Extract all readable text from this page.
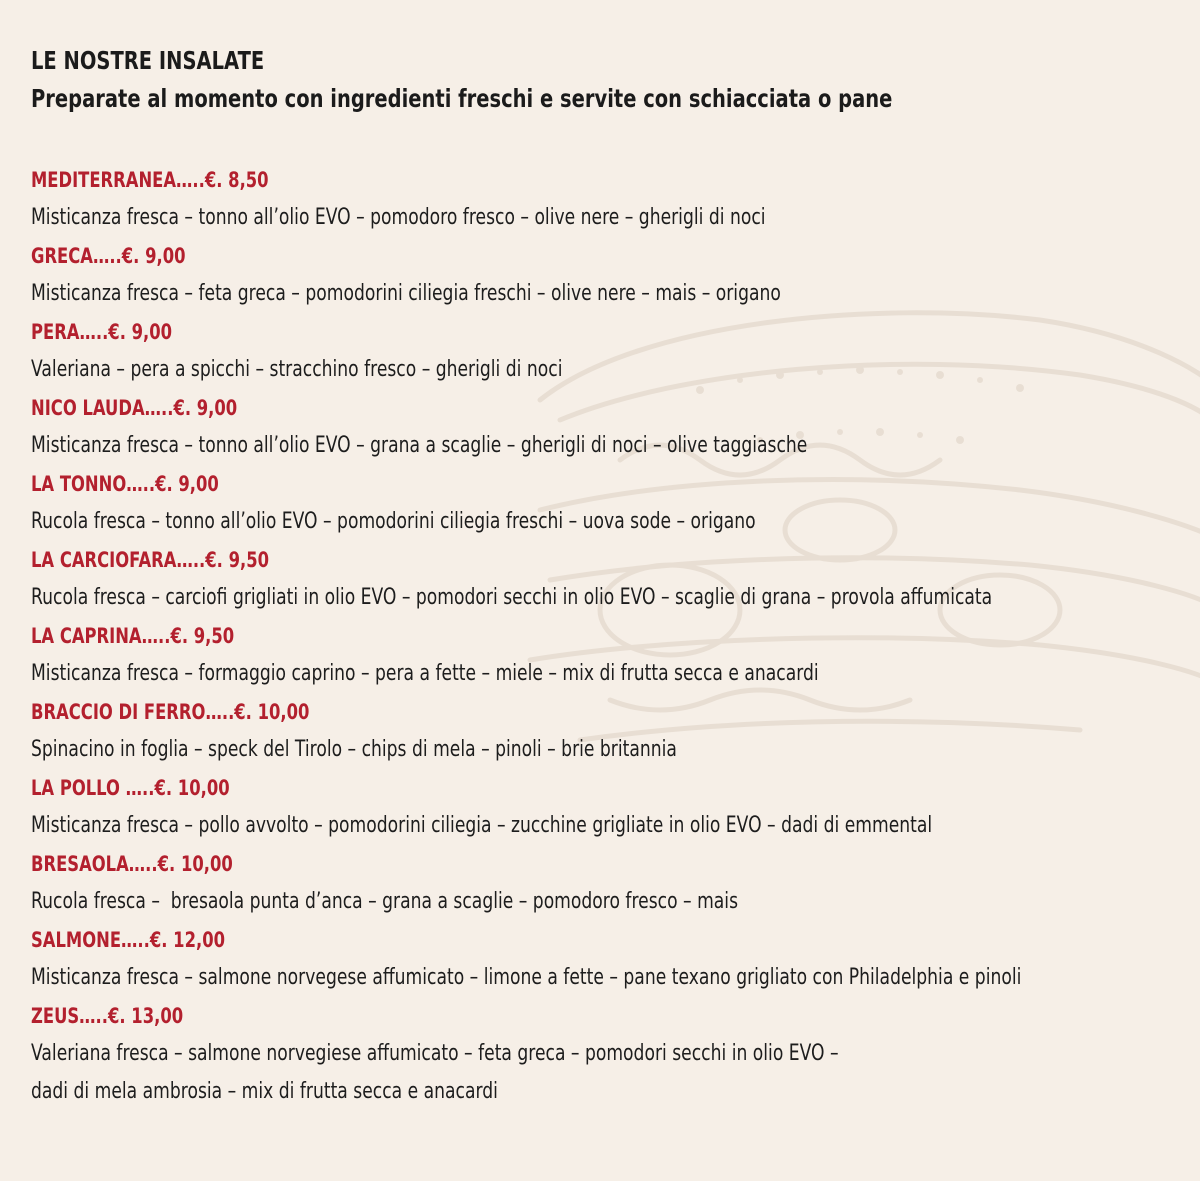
LE NOSTRE INSALATE
Preparate al momento con ingredienti freschi e servite con schiacciata o pane
MEDITERRANEA…..€. 8,50
Misticanza fresca – tonno all’olio EVO – pomodoro fresco – olive nere – gherigli di noci
GRECA…..€. 9,00
Misticanza fresca – feta greca – pomodorini ciliegia freschi – olive nere – mais – origano
PERA…..€. 9,00
Valeriana – pera a spicchi – stracchino fresco – gherigli di noci
NICO LAUDA…..€. 9,00
Misticanza fresca – tonno all’olio EVO – grana a scaglie – gherigli di noci – olive taggiasche
LA TONNO…..€. 9,00
Rucola fresca – tonno all’olio EVO – pomodorini ciliegia freschi – uova sode – origano
LA CARCIOFARA…..€. 9,50
Rucola fresca – carciofi grigliati in olio EVO – pomodori secchi in olio EVO – scaglie di grana – provola affumicata
LA CAPRINA…..€. 9,50
Misticanza fresca – formaggio caprino – pera a fette – miele – mix di frutta secca e anacardi
BRACCIO DI FERRO…..€. 10,00
Spinacino in foglia – speck del Tirolo – chips di mela – pinoli – brie britannia
LA POLLO …..€. 10,00
Misticanza fresca – pollo avvolto – pomodorini ciliegia – zucchine grigliate in olio EVO – dadi di emmental
BRESAOLA…..€. 10,00
Rucola fresca –  bresaola punta d’anca – grana a scaglie – pomodoro fresco – mais
SALMONE…..€. 12,00
Misticanza fresca – salmone norvegese affumicato – limone a fette – pane texano grigliato con Philadelphia e pinoli
ZEUS…..€. 13,00
Valeriana fresca – salmone norvegiese affumicato – feta greca – pomodori secchi in olio EVO –
dadi di mela ambrosia – mix di frutta secca e anacardi
